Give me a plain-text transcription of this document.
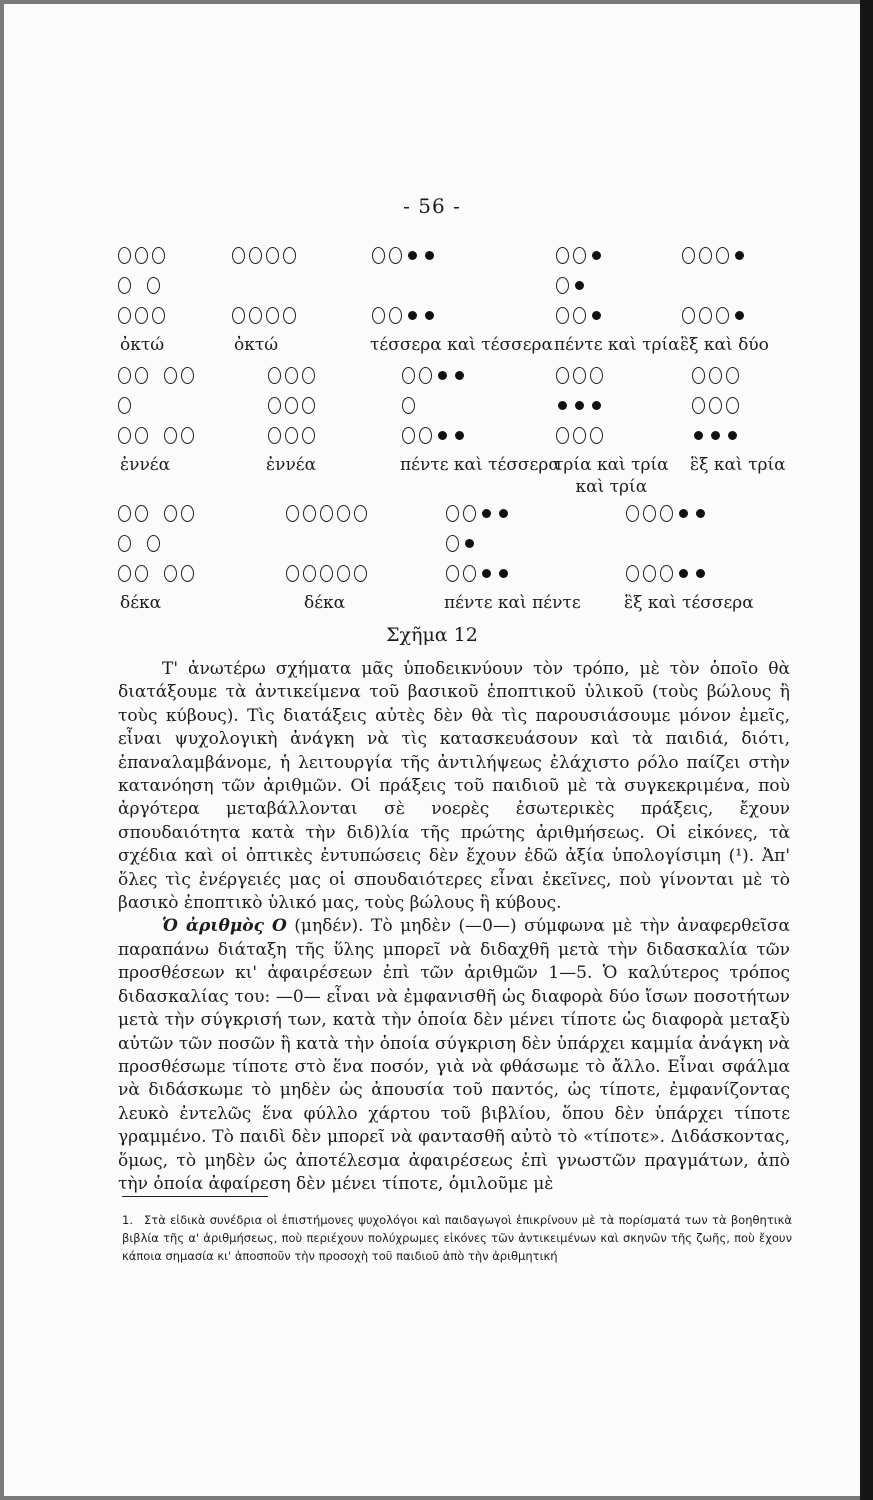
- 56 -
ὀκτώ	ὀκτώ	τέσσερα καὶ τέσσερα πέντε καὶ τρία ἓξ καὶ δύο
ἐννέα	ἐννέα	πέντε καὶ τέσσερα
τρία καὶ τρία
καὶ τρία
ἓξ καὶ τρία
δέκα	δέκα	πέντε καὶ πέντε	ἓξ καὶ τέσσερα
Σχῆμα 12

Τ' ἀνωτέρω σχήματα μᾶς ὑποδεικνύουν τὸν τρόπο, μὲ τὸν ὁποῖο θὰ διατάξουμε τὰ ἀντικείμενα τοῦ βασικοῦ ἐποπτικοῦ ὑλικοῦ (τοὺς βώλους ἢ τοὺς κύβους). Τὶς διατάξεις αὐτὲς δὲν θὰ τὶς παρουσιάσουμε μόνον ἐμεῖς, εἶναι ψυχολογικὴ ἀνάγκη νὰ τὶς κατασκευάσουν καὶ τὰ παιδιά, διότι, ἐπαναλαμβάνομε, ἡ λειτουργία τῆς ἀντιλήψεως ἐλάχιστο ρόλο παίζει στὴν κατανόηση τῶν ἀριθμῶν. Οἱ πράξεις τοῦ παιδιοῦ μὲ τὰ συγκεκριμένα, ποὺ ἀργότερα μεταβάλλονται σὲ νοερὲς ἐσωτερικὲς πράξεις, ἔχουν σπουδαιότητα κατὰ τὴν διδ)λία τῆς πρώτης ἀριθμήσεως. Οἱ εἰκόνες, τὰ σχέδια καὶ οἱ ὀπτικὲς ἐντυπώσεις δὲν ἔχουν ἐδῶ ἀξία ὑπολογίσιμη (¹). Ἀπ' ὅλες τὶς ἐνέργειές μας οἱ σπουδαιότερες εἶναι ἐκεῖνες, ποὺ γίνονται μὲ τὸ βασικὸ ἐποπτικὸ ὑλικό μας, τοὺς βώλους ἢ κύβους.

Ὁ ἀριθμὸς Ο (μηδέν). Τὸ μηδὲν (—0—) σύμφωνα μὲ τὴν ἀναφερθεῖσα παραπάνω διάταξη τῆς ὕλης μπορεῖ νὰ διδαχθῆ μετὰ τὴν διδασκαλία τῶν προσθέσεων κι' ἀφαιρέσεων ἐπὶ τῶν ἀριθμῶν 1—5. Ὁ καλύτερος τρόπος διδασκαλίας του: —0— εἶναι νὰ ἐμφανισθῆ ὡς διαφορὰ δύο ἴσων ποσοτήτων μετὰ τὴν σύγκρισή των, κατὰ τὴν ὁποία δὲν μένει τίποτε ὡς διαφορὰ μεταξὺ αὐτῶν τῶν ποσῶν ἢ κατὰ τὴν ὁποία σύγκριση δὲν ὑπάρχει καμμία ἀνάγκη νὰ προσθέσωμε τίποτε στὸ ἕνα ποσόν, γιὰ νὰ φθάσωμε τὸ ἄλλο. Εἶναι σφάλμα νὰ διδάσκωμε τὸ μηδὲν ὡς ἀπουσία τοῦ παντός, ὡς τίποτε, ἐμφανίζοντας λευκὸ ἐντελῶς ἕνα φύλλο χάρτου τοῦ βιβλίου, ὅπου δὲν ὑπάρχει τίποτε γραμμένο. Τὸ παιδὶ δὲν μπορεῖ νὰ φαντασθῆ αὐτὸ τὸ «τίποτε». Διδάσκοντας, ὅμως, τὸ μηδὲν ὡς ἀποτέλεσμα ἀφαιρέσεως ἐπὶ γνωστῶν πραγμάτων, ἀπὸ τὴν ὁποία ἀφαίρεση δὲν μένει τίποτε, ὁμιλοῦμε μὲ

1. Στὰ εἰδικὰ συνέδρια οἱ ἐπιστήμονες ψυχολόγοι καὶ παιδαγωγοὶ ἐπικρίνουν μὲ τὰ πορίσματά των τὰ βοηθητικὰ βιβλία τῆς α' ἀριθμήσεως, ποὺ περιέχουν πολύχρωμες εἰκόνες τῶν ἀντικειμένων καὶ σκηνῶν τῆς ζωῆς, ποὺ ἔχουν κάποια σημασία κι' ἀποσποῦν τὴν προσοχὴ τοῦ παιδιοῦ ἀπὸ τὴν ἀριθμητική
